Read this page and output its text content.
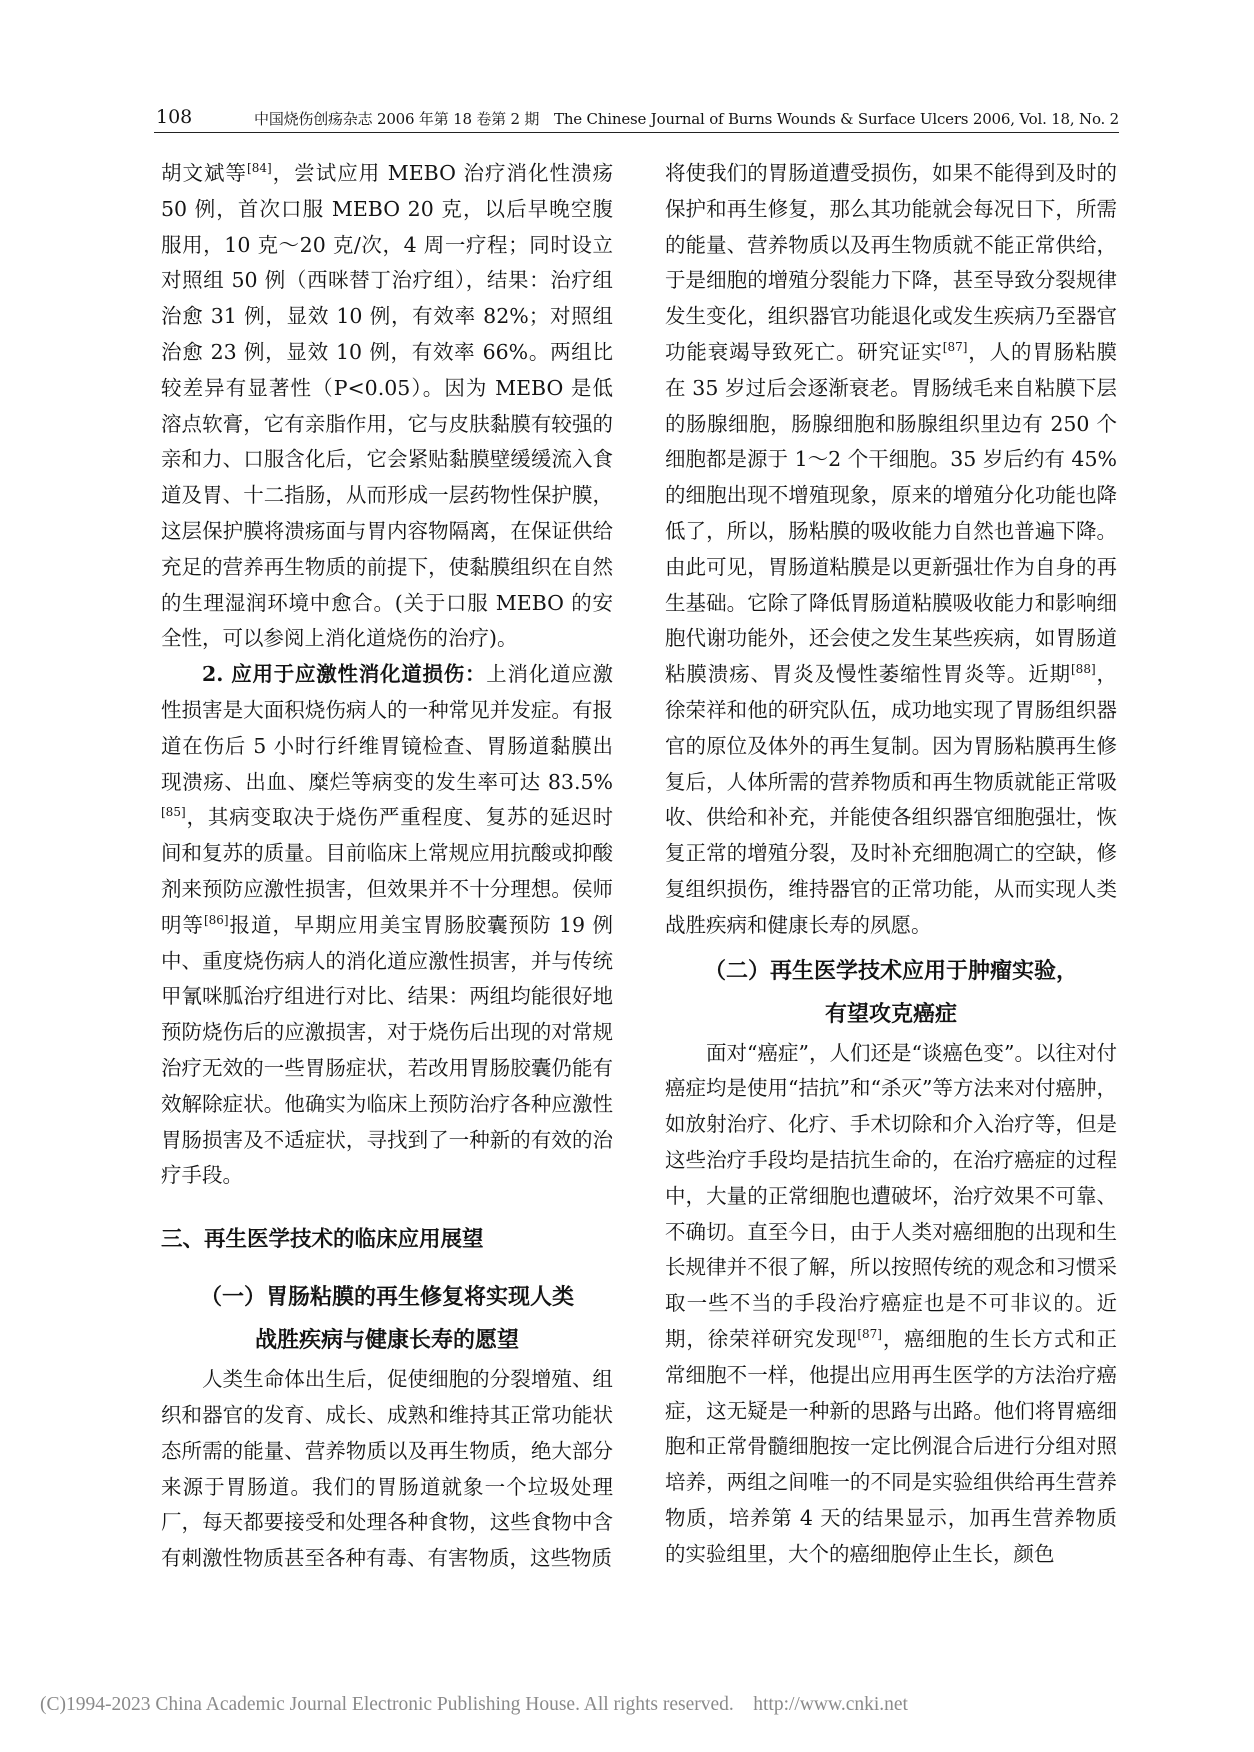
108	中国烧伤创疡杂志 2006 年第 18 卷第 2 期　The Chinese Journal of Burns Wounds & Surface Ulcers 2006, Vol. 18, No. 2

胡文斌等[84]，尝试应用 MEBO 治疗消化性溃疡 50 例，首次口服 MEBO 20 克，以后早晚空腹服用，10 克～20 克/次，4 周一疗程；同时设立对照组 50 例（西咪替丁治疗组），结果：治疗组治愈 31 例，显效 10 例，有效率 82%；对照组治愈 23 例，显效 10 例，有效率 66%。两组比较差异有显著性（P<0.05）。因为 MEBO 是低溶点软膏，它有亲脂作用，它与皮肤黏膜有较强的亲和力、口服含化后，它会紧贴黏膜壁缓缓流入食道及胃、十二指肠，从而形成一层药物性保护膜，这层保护膜将溃疡面与胃内容物隔离，在保证供给充足的营养再生物质的前提下，使黏膜组织在自然的生理湿润环境中愈合。(关于口服 MEBO 的安全性，可以参阅上消化道烧伤的治疗)。

2. 应用于应激性消化道损伤：上消化道应激性损害是大面积烧伤病人的一种常见并发症。有报道在伤后 5 小时行纤维胃镜检查、胃肠道黏膜出现溃疡、出血、糜烂等病变的发生率可达 83.5%[85]，其病变取决于烧伤严重程度、复苏的延迟时间和复苏的质量。目前临床上常规应用抗酸或抑酸剂来预防应激性损害，但效果并不十分理想。侯师明等[86]报道，早期应用美宝胃肠胶囊预防 19 例中、重度烧伤病人的消化道应激性损害，并与传统甲氰咪胍治疗组进行对比、结果：两组均能很好地预防烧伤后的应激损害，对于烧伤后出现的对常规治疗无效的一些胃肠症状，若改用胃肠胶囊仍能有效解除症状。他确实为临床上预防治疗各种应激性胃肠损害及不适症状，寻找到了一种新的有效的治疗手段。

三、再生医学技术的临床应用展望
（一）胃肠粘膜的再生修复将实现人类
战胜疾病与健康长寿的愿望

人类生命体出生后，促使细胞的分裂增殖、组织和器官的发育、成长、成熟和维持其正常功能状态所需的能量、营养物质以及再生物质，绝大部分来源于胃肠道。我们的胃肠道就象一个垃圾处理厂，每天都要接受和处理各种食物，这些食物中含有刺激性物质甚至各种有毒、有害物质，这些物质

将使我们的胃肠道遭受损伤，如果不能得到及时的保护和再生修复，那么其功能就会每况日下，所需的能量、营养物质以及再生物质就不能正常供给，于是细胞的增殖分裂能力下降，甚至导致分裂规律发生变化，组织器官功能退化或发生疾病乃至器官功能衰竭导致死亡。研究证实[87]，人的胃肠粘膜在 35 岁过后会逐渐衰老。胃肠绒毛来自粘膜下层的肠腺细胞，肠腺细胞和肠腺组织里边有 250 个细胞都是源于 1～2 个干细胞。35 岁后约有 45% 的细胞出现不增殖现象，原来的增殖分化功能也降低了，所以，肠粘膜的吸收能力自然也普遍下降。由此可见，胃肠道粘膜是以更新强壮作为自身的再生基础。它除了降低胃肠道粘膜吸收能力和影响细胞代谢功能外，还会使之发生某些疾病，如胃肠道粘膜溃疡、胃炎及慢性萎缩性胃炎等。近期[88]，徐荣祥和他的研究队伍，成功地实现了胃肠组织器官的原位及体外的再生复制。因为胃肠粘膜再生修复后，人体所需的营养物质和再生物质就能正常吸收、供给和补充，并能使各组织器官细胞强壮，恢复正常的增殖分裂，及时补充细胞凋亡的空缺，修复组织损伤，维持器官的正常功能，从而实现人类战胜疾病和健康长寿的夙愿。

（二）再生医学技术应用于肿瘤实验，
有望攻克癌症

面对“癌症”，人们还是“谈癌色变”。以往对付癌症均是使用“拮抗”和“杀灭”等方法来对付癌肿，如放射治疗、化疗、手术切除和介入治疗等，但是这些治疗手段均是拮抗生命的，在治疗癌症的过程中，大量的正常细胞也遭破坏，治疗效果不可靠、不确切。直至今日，由于人类对癌细胞的出现和生长规律并不很了解，所以按照传统的观念和习惯采取一些不当的手段治疗癌症也是不可非议的。近期，徐荣祥研究发现[87]，癌细胞的生长方式和正常细胞不一样，他提出应用再生医学的方法治疗癌症，这无疑是一种新的思路与出路。他们将胃癌细胞和正常骨髓细胞按一定比例混合后进行分组对照培养，两组之间唯一的不同是实验组供给再生营养物质，培养第 4 天的结果显示，加再生营养物质的实验组里，大个的癌细胞停止生长，颜色

(C)1994-2023 China Academic Journal Electronic Publishing House. All rights reserved.　http://www.cnki.net
